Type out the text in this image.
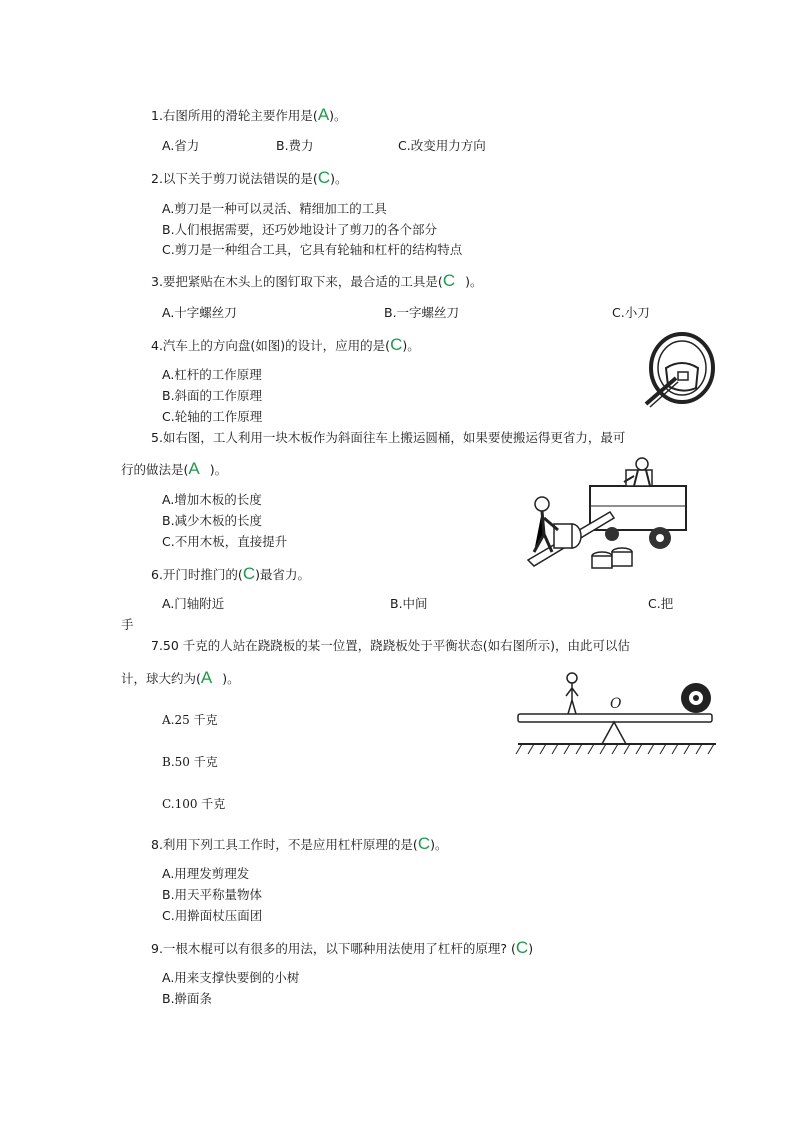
1.右图所用的滑轮主要作用是(A)。
A.省力	B.费力	C.改变用力方向
2.以下关于剪刀说法错误的是(C)。
A.剪刀是一种可以灵活、精细加工的工具
B.人们根据需要，还巧妙地设计了剪刀的各个部分
C.剪刀是一种组合工具，它具有轮轴和杠杆的结构特点
3.要把紧贴在木头上的图钉取下来，最合适的工具是(C )。
A.十字螺丝刀	B.一字螺丝刀	C.小刀
4.汽车上的方向盘(如图)的设计，应用的是(C)。
A.杠杆的工作原理
B.斜面的工作原理
C.轮轴的工作原理
5.如右图，工人利用一块木板作为斜面往车上搬运圆桶，如果要使搬运得更省力，最可
行的做法是(A )。
A.增加木板的长度
B.减少木板的长度
C.不用木板，直接提升
6.开门时推门的(C)最省力。
A.门轴附近	B.中间	C.把
手
7.50 千克的人站在跷跷板的某一位置，跷跷板处于平衡状态(如右图所示)，由此可以估
计，球大约为(A )。
A.25 千克
B.50 千克
C.100 千克
O
8.利用下列工具工作时，不是应用杠杆原理的是(C)。
A.用理发剪理发
B.用天平称量物体
C.用擀面杖压面团
9.一根木棍可以有很多的用法，以下哪种用法使用了杠杆的原理? (C)
A.用来支撑快要倒的小树
B.擀面条
